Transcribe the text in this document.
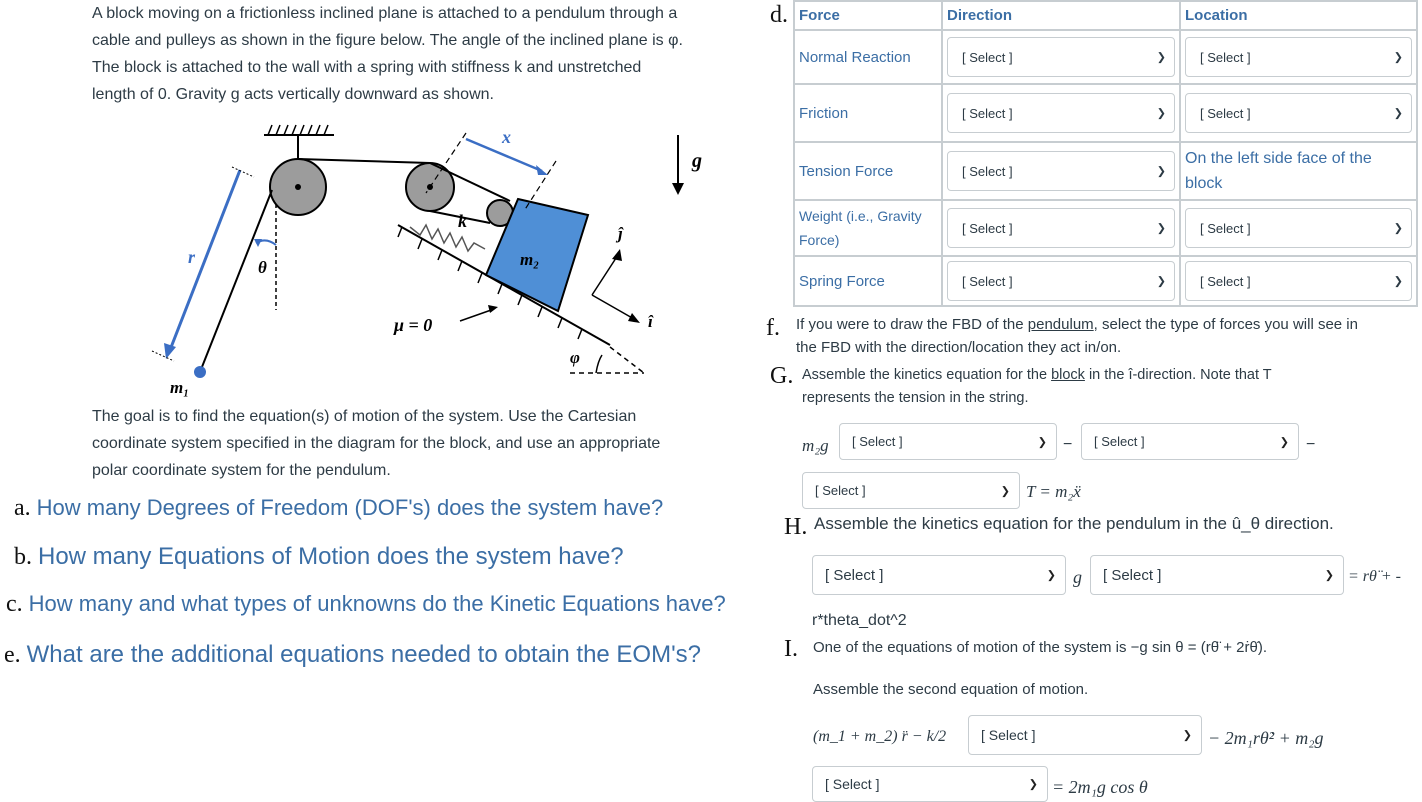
A block moving on a frictionless inclined plane is attached to a pendulum through a
cable and pulleys as shown in the figure below. The angle of the inclined plane is φ.
The block is attached to the wall with a spring with stiffness k and unstretched
length of 0. Gravity g acts vertically downward as shown.
r
θ
m₁
k
m₂
x
g
ĵ
î
μ = 0
φ
The goal is to find the equation(s) of motion of the system. Use the Cartesian
coordinate system specified in the diagram for the block, and use an appropriate
polar coordinate system for the pendulum.
a. How many Degrees of Freedom (DOF's) does the system have?
b. How many Equations of Motion does the system have?
c. How many and what types of unknowns do the Kinetic Equations have?
e. What are the additional equations needed to obtain the EOM's?
d. Force	Direction	Location
Normal Reaction	[ Select ] ❯	[ Select ] ❯

Friction	[ Select ] ❯	[ Select ] ❯

Tension Force	[ Select ] ❯	On the left side face of the block
Weight (i.e., Gravity Force)	[ Select ] ❯	[ Select ] ❯

Spring Force	[ Select ] ❯	[ Select ] ❯
f. If you were to draw the FBD of the pendulum, select the type of forces you will see in
the FBD with the direction/location they act in/on.
G. Assemble the kinetics equation for the block in the î-direction. Note that T
represents the tension in the string.
m₂g [ Select ]	❯ − [ Select ]	❯ −
[ Select ]	❯ T = m₂ẍ
H. Assemble the kinetics equation for the pendulum in the û_θ direction.
[ Select ]	❯ g [ Select ]	❯ = rθ̈ + -
r*theta_dot^2
I. One of the equations of motion of the system is −g sin θ = (rθ̈ + 2ṙθ̇).
Assemble the second equation of motion.
(m_1 + m_2) r̈ − k/2 [ Select ]	❯ − 2m₁rθ̇² + m₂g
[ Select ]	❯ = 2m₁g cos θ
